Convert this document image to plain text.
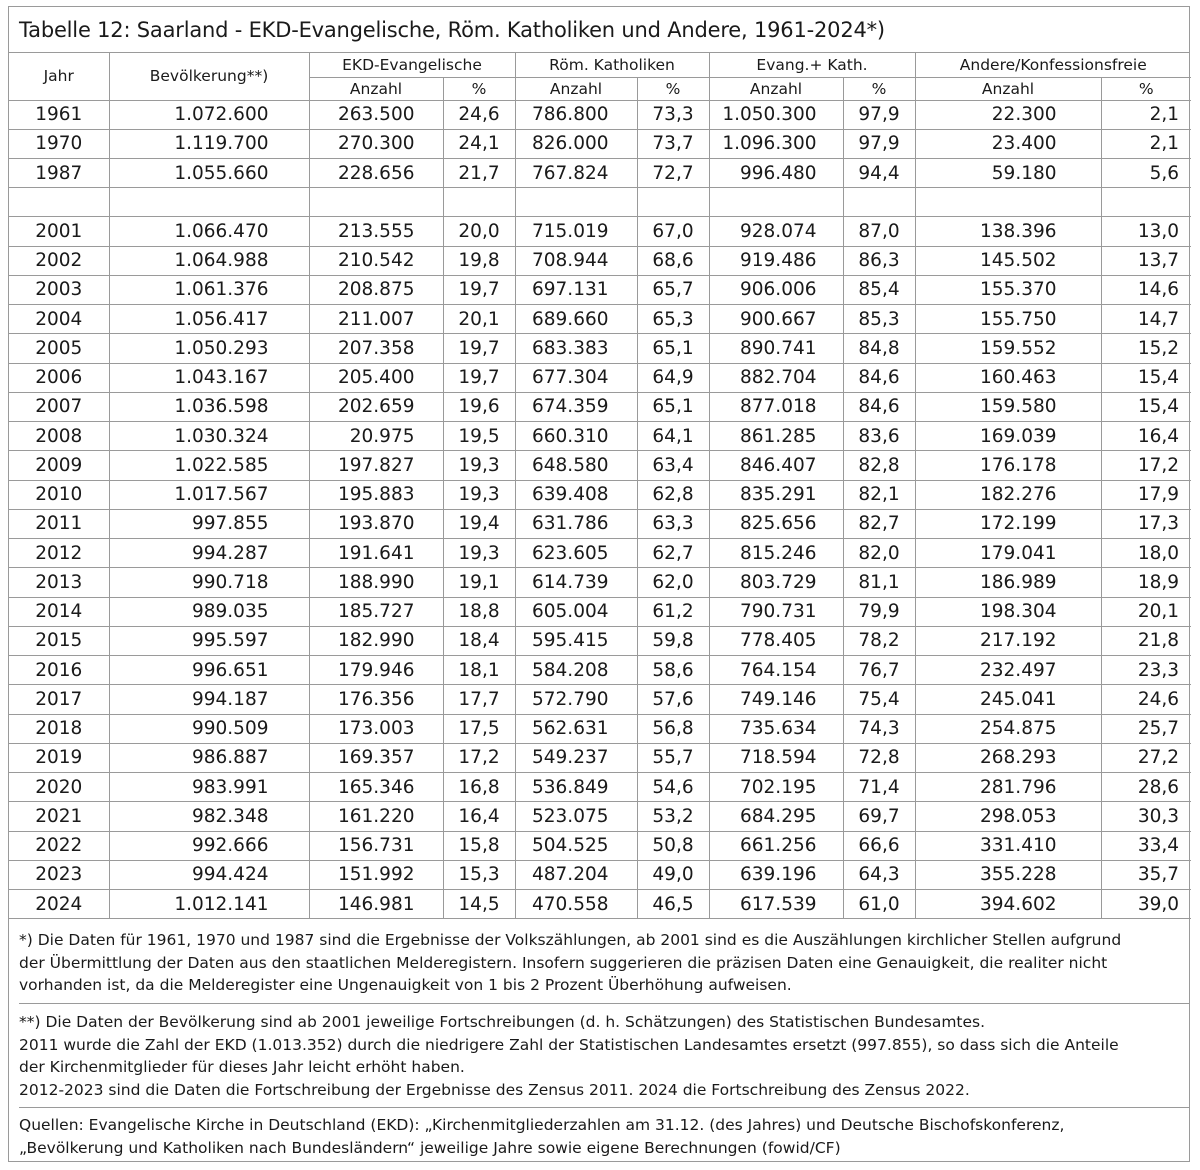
Tabelle 12: Saarland - EKD-Evangelische, Röm. Katholiken und Andere, 1961-2024*)
Jahr	Bevölkerung**)	EKD-Evangelische		Röm. Katholiken		Evang.+ Kath.		Andere/Konfessionsfreie	
		Anzahl	%	Anzahl	%	Anzahl	%	Anzahl	%
1961	1.072.600	263.500	24,6	786.800	73,3	1.050.300	97,9	22.300	2,1
1970	1.119.700	270.300	24,1	826.000	73,7	1.096.300	97,9	23.400	2,1
1987	1.055.660	228.656	21,7	767.824	72,7	996.480	94,4	59.180	5,6

2001	1.066.470	213.555	20,0	715.019	67,0	928.074	87,0	138.396	13,0
2002	1.064.988	210.542	19,8	708.944	68,6	919.486	86,3	145.502	13,7
2003	1.061.376	208.875	19,7	697.131	65,7	906.006	85,4	155.370	14,6
2004	1.056.417	211.007	20,1	689.660	65,3	900.667	85,3	155.750	14,7
2005	1.050.293	207.358	19,7	683.383	65,1	890.741	84,8	159.552	15,2
2006	1.043.167	205.400	19,7	677.304	64,9	882.704	84,6	160.463	15,4
2007	1.036.598	202.659	19,6	674.359	65,1	877.018	84,6	159.580	15,4
2008	1.030.324	20.975	19,5	660.310	64,1	861.285	83,6	169.039	16,4
2009	1.022.585	197.827	19,3	648.580	63,4	846.407	82,8	176.178	17,2
2010	1.017.567	195.883	19,3	639.408	62,8	835.291	82,1	182.276	17,9
2011	997.855	193.870	19,4	631.786	63,3	825.656	82,7	172.199	17,3
2012	994.287	191.641	19,3	623.605	62,7	815.246	82,0	179.041	18,0
2013	990.718	188.990	19,1	614.739	62,0	803.729	81,1	186.989	18,9
2014	989.035	185.727	18,8	605.004	61,2	790.731	79,9	198.304	20,1
2015	995.597	182.990	18,4	595.415	59,8	778.405	78,2	217.192	21,8
2016	996.651	179.946	18,1	584.208	58,6	764.154	76,7	232.497	23,3
2017	994.187	176.356	17,7	572.790	57,6	749.146	75,4	245.041	24,6
2018	990.509	173.003	17,5	562.631	56,8	735.634	74,3	254.875	25,7
2019	986.887	169.357	17,2	549.237	55,7	718.594	72,8	268.293	27,2
2020	983.991	165.346	16,8	536.849	54,6	702.195	71,4	281.796	28,6
2021	982.348	161.220	16,4	523.075	53,2	684.295	69,7	298.053	30,3
2022	992.666	156.731	15,8	504.525	50,8	661.256	66,6	331.410	33,4
2023	994.424	151.992	15,3	487.204	49,0	639.196	64,3	355.228	35,7
2024	1.012.141	146.981	14,5	470.558	46,5	617.539	61,0	394.602	39,0
*) Die Daten für 1961, 1970 und 1987 sind die Ergebnisse der Volkszählungen, ab 2001 sind es die Auszählungen kirchlicher Stellen aufgrund
der Übermittlung der Daten aus den staatlichen Melderegistern. Insofern suggerieren die präzisen Daten eine Genauigkeit, die realiter nicht
vorhanden ist, da die Melderegister eine Ungenauigkeit von 1 bis 2 Prozent Überhöhung aufweisen.
**) Die Daten der Bevölkerung sind ab 2001 jeweilige Fortschreibungen (d. h. Schätzungen) des Statistischen Bundesamtes.
2011 wurde die Zahl der EKD (1.013.352) durch die niedrigere Zahl der Statistischen Landesamtes ersetzt (997.855), so dass sich die Anteile
der Kirchenmitglieder für dieses Jahr leicht erhöht haben.
2012-2023 sind die Daten die Fortschreibung der Ergebnisse des Zensus 2011. 2024 die Fortschreibung des Zensus 2022.
Quellen: Evangelische Kirche in Deutschland (EKD): „Kirchenmitgliederzahlen am 31.12. (des Jahres) und Deutsche Bischofskonferenz,
„Bevölkerung und Katholiken nach Bundesländern“ jeweilige Jahre sowie eigene Berechnungen (fowid/CF)
